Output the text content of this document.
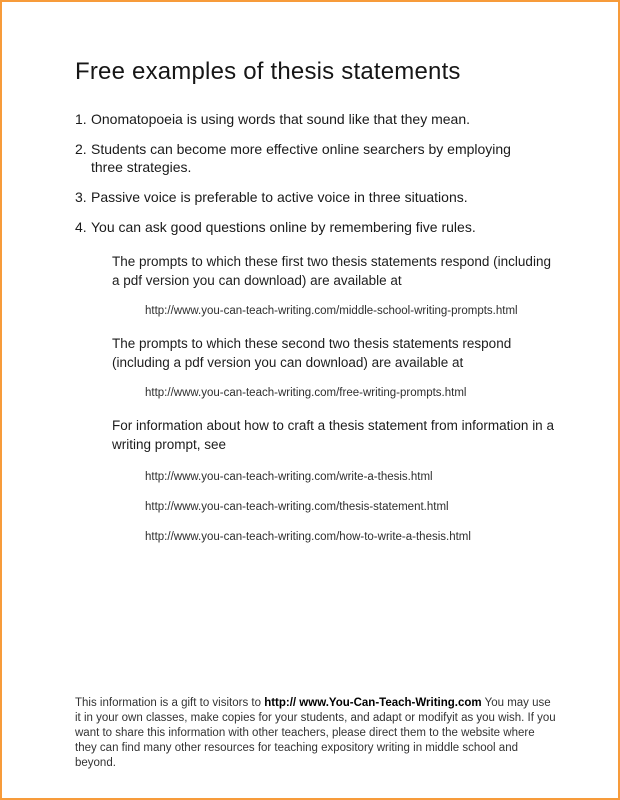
Free examples of thesis statements
1. Onomatopoeia is using words that sound like that they mean.
2. Students can become more effective online searchers by employing three strategies.
3. Passive voice is preferable to active voice in three situations.
4. You can ask good questions online by remembering five rules.

The prompts to which these first two thesis statements respond (including a pdf version you can download) are available at

http://www.you-can-teach-writing.com/middle-school-writing-prompts.html

The prompts to which these second two thesis statements respond (including a pdf version you can download) are available at

http://www.you-can-teach-writing.com/free-writing-prompts.html

For information about how to craft a thesis statement from information in a writing prompt, see

http://www.you-can-teach-writing.com/write-a-thesis.html

http://www.you-can-teach-writing.com/thesis-statement.html

http://www.you-can-teach-writing.com/how-to-write-a-thesis.html

This information is a gift to visitors to http:// www.You-Can-Teach-Writing.com You may use it in your own classes, make copies for your students, and adapt or modifyit as you wish. If you want to share this information with other teachers, please direct them to the website where they can find many other resources for teaching expository writing in middle school and beyond.
